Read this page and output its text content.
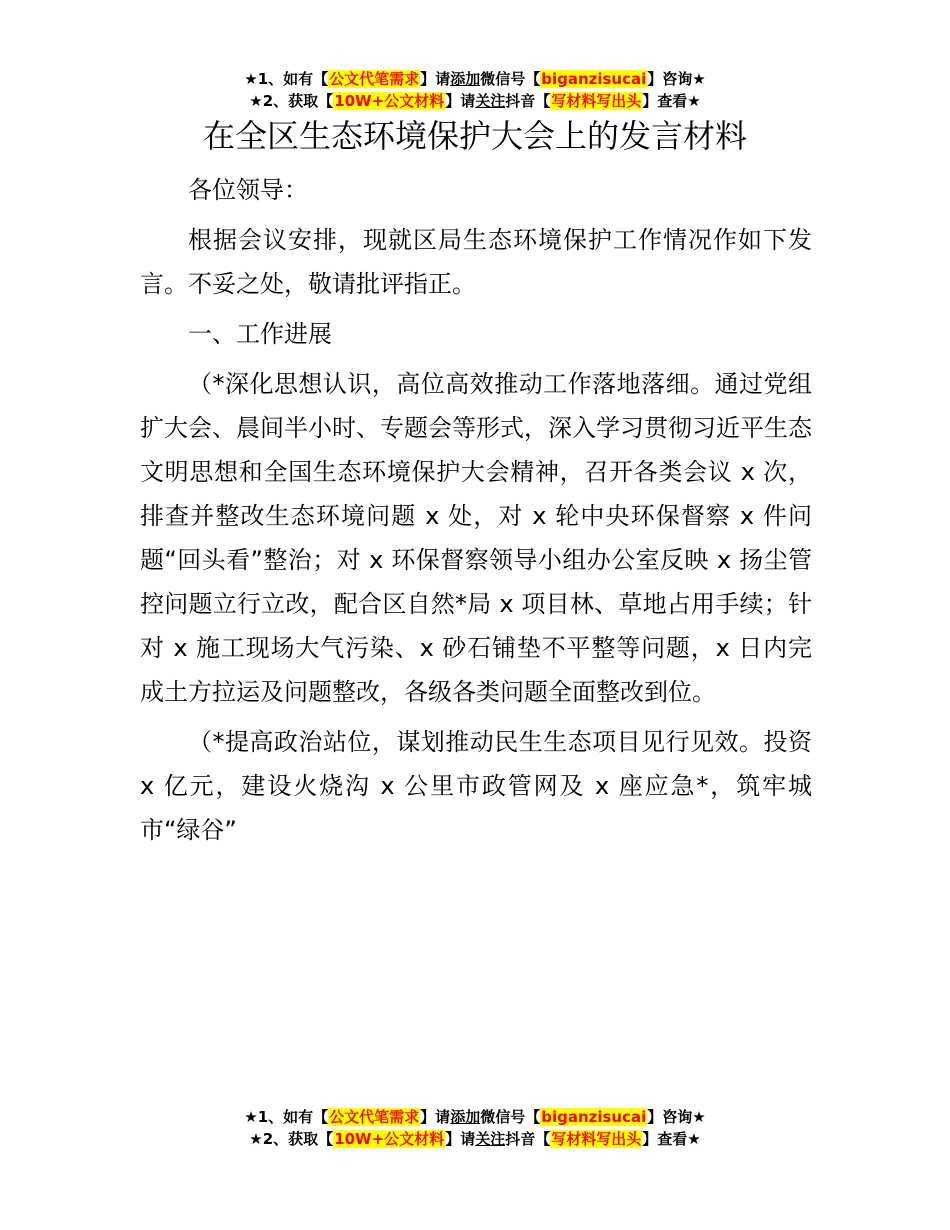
★1、如有【公文代笔需求】请添加微信号【biganzisucai】咨询★
★2、获取【10W+公文材料】请关注抖音【写材料写出头】查看★
在全区生态环境保护大会上的发言材料

各位领导：

根据会议安排，现就区局生态环境保护工作情况作如下发言。不妥之处，敬请批评指正。

一、工作进展

（*深化思想认识，高位高效推动工作落地落细。通过党组扩大会、晨间半小时、专题会等形式，深入学习贯彻习近平生态文明思想和全国生态环境保护大会精神，召开各类会议 x 次，排查并整改生态环境问题 x 处，对 x 轮中央环保督察 x 件问题“回头看”整治；对 x 环保督察领导小组办公室反映 x 扬尘管控问题立行立改，配合区自然*局 x 项目林、草地占用手续；针对 x 施工现场大气污染、x 砂石铺垫不平整等问题，x 日内完成土方拉运及问题整改，各级各类问题全面整改到位。

（*提高政治站位，谋划推动民生生态项目见行见效。投资 x 亿元，建设火烧沟 x 公里市政管网及 x 座应急*，筑牢城市“绿谷”

★1、如有【公文代笔需求】请添加微信号【biganzisucai】咨询★
★2、获取【10W+公文材料】请关注抖音【写材料写出头】查看★
